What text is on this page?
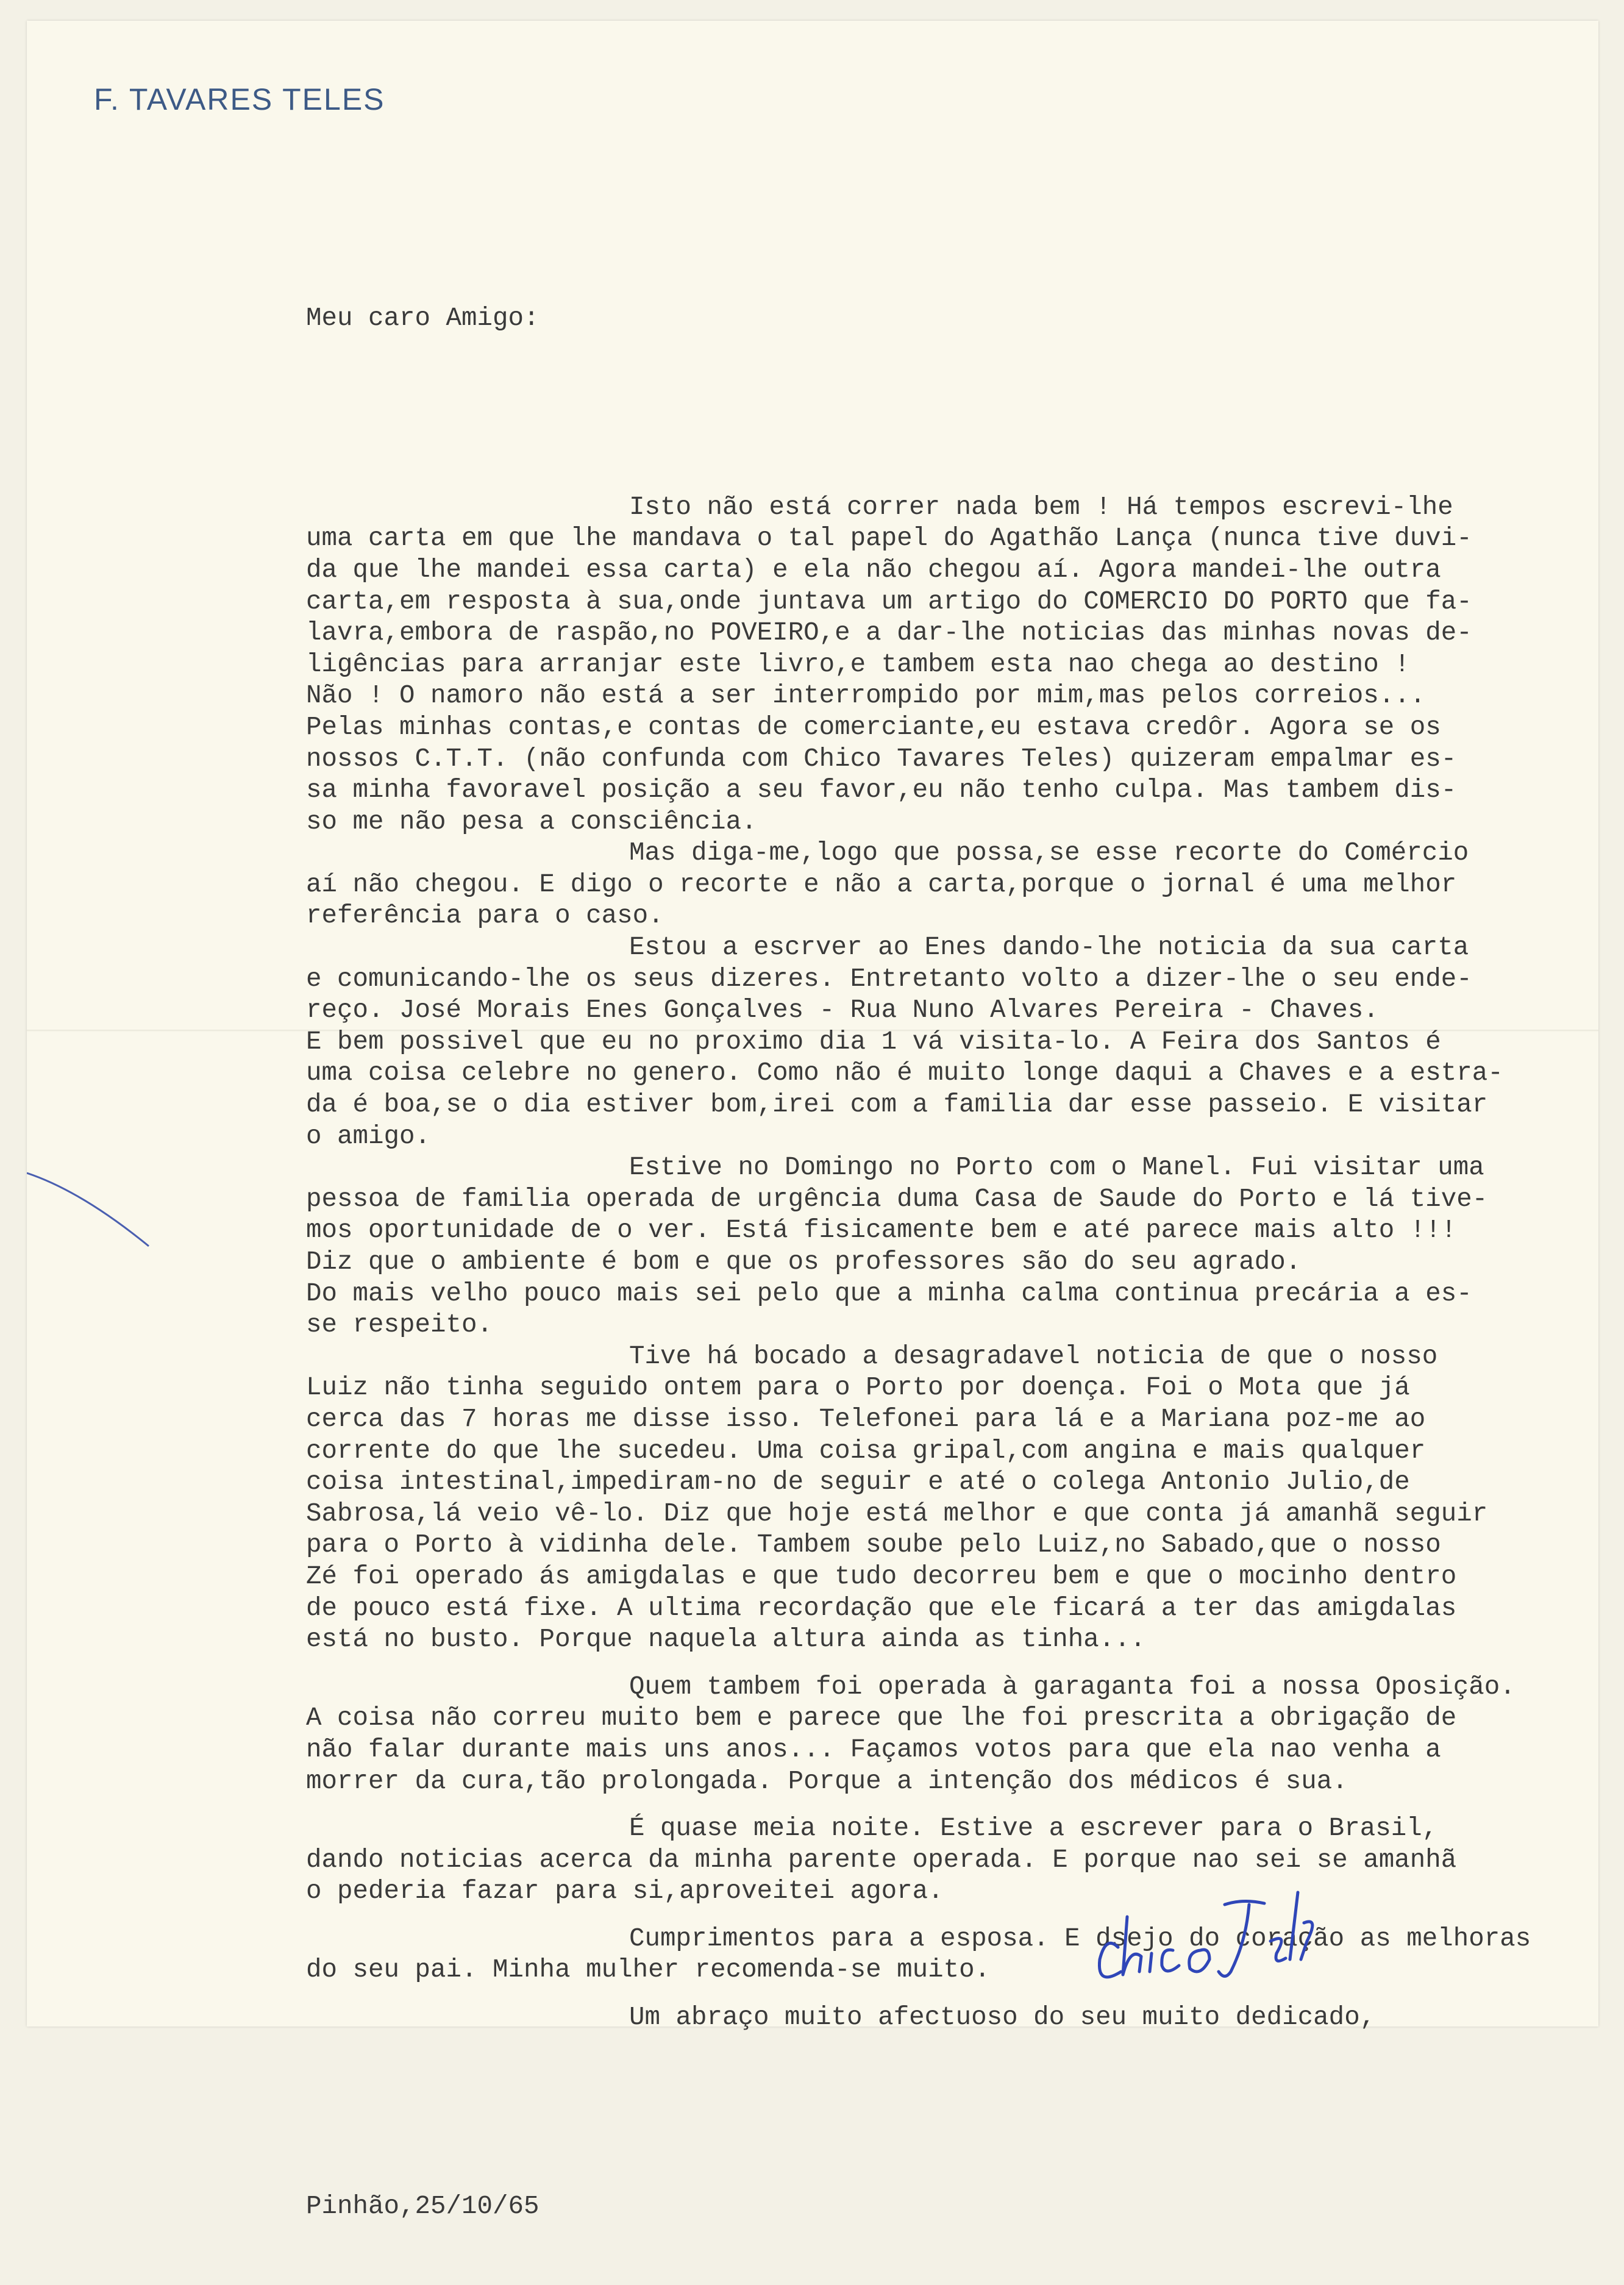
F. TAVARES TELES

Meu caro Amigo:

Isto não está correr nada bem ! Há tempos escrevi-lhe
uma carta em que lhe mandava o tal papel do Agathão Lança (nunca tive duvi-
da que lhe mandei essa carta) e ela não chegou aí. Agora mandei-lhe outra
carta,em resposta à sua,onde juntava um artigo do COMERCIO DO PORTO que fa-
lavra,embora de raspão,no POVEIRO,e a dar-lhe noticias das minhas novas de-
ligências para arranjar este livro,e tambem esta nao chega ao destino !
Não ! O namoro não está a ser interrompido por mim,mas pelos correios...
Pelas minhas contas,e contas de comerciante,eu estava credôr. Agora se os
nossos C.T.T. (não confunda com Chico Tavares Teles) quizeram empalmar es-
sa minha favoravel posição a seu favor,eu não tenho culpa. Mas tambem dis-
so me não pesa a consciência.
Mas diga-me,logo que possa,se esse recorte do Comércio
aí não chegou. E digo o recorte e não a carta,porque o jornal é uma melhor
referência para o caso.
Estou a escrver ao Enes dando-lhe noticia da sua carta
e comunicando-lhe os seus dizeres. Entretanto volto a dizer-lhe o seu ende-
reço. José Morais Enes Gonçalves - Rua Nuno Alvares Pereira - Chaves.
E bem possivel que eu no proximo dia 1 vá visita-lo. A Feira dos Santos é
uma coisa celebre no genero. Como não é muito longe daqui a Chaves e a estra-
da é boa,se o dia estiver bom,irei com a familia dar esse passeio. E visitar
o amigo.
Estive no Domingo no Porto com o Manel. Fui visitar uma
pessoa de familia operada de urgência duma Casa de Saude do Porto e lá tive-
mos oportunidade de o ver. Está fisicamente bem e até parece mais alto !!!
Diz que o ambiente é bom e que os professores são do seu agrado.
Do mais velho pouco mais sei pelo que a minha calma continua precária a es-
se respeito.
Tive há bocado a desagradavel noticia de que o nosso
Luiz não tinha seguido ontem para o Porto por doença. Foi o Mota que já
cerca das 7 horas me disse isso. Telefonei para lá e a Mariana poz-me ao
corrente do que lhe sucedeu. Uma coisa gripal,com angina e mais qualquer
coisa intestinal,impediram-no de seguir e até o colega Antonio Julio,de
Sabrosa,lá veio vê-lo. Diz que hoje está melhor e que conta já amanhã seguir
para o Porto à vidinha dele. Tambem soube pelo Luiz,no Sabado,que o nosso
Zé foi operado ás amigdalas e que tudo decorreu bem e que o mocinho dentro
de pouco está fixe. A ultima recordação que ele ficará a ter das amigdalas
está no busto. Porque naquela altura ainda as tinha...
Quem tambem foi operada à garaganta foi a nossa Oposição.
A coisa não correu muito bem e parece que lhe foi prescrita a obrigação de
não falar durante mais uns anos... Façamos votos para que ela nao venha a
morrer da cura,tão prolongada. Porque a intenção dos médicos é sua.
É quase meia noite. Estive a escrever para o Brasil,
dando noticias acerca da minha parente operada. E porque nao sei se amanhã
o pederia fazar para si,aproveitei agora.
Cumprimentos para a esposa. E dsejo do coração as melhoras
do seu pai. Minha mulher recomenda-se muito.
Um abraço muito afectuoso do seu muito dedicado,

Pinhão,25/10/65
